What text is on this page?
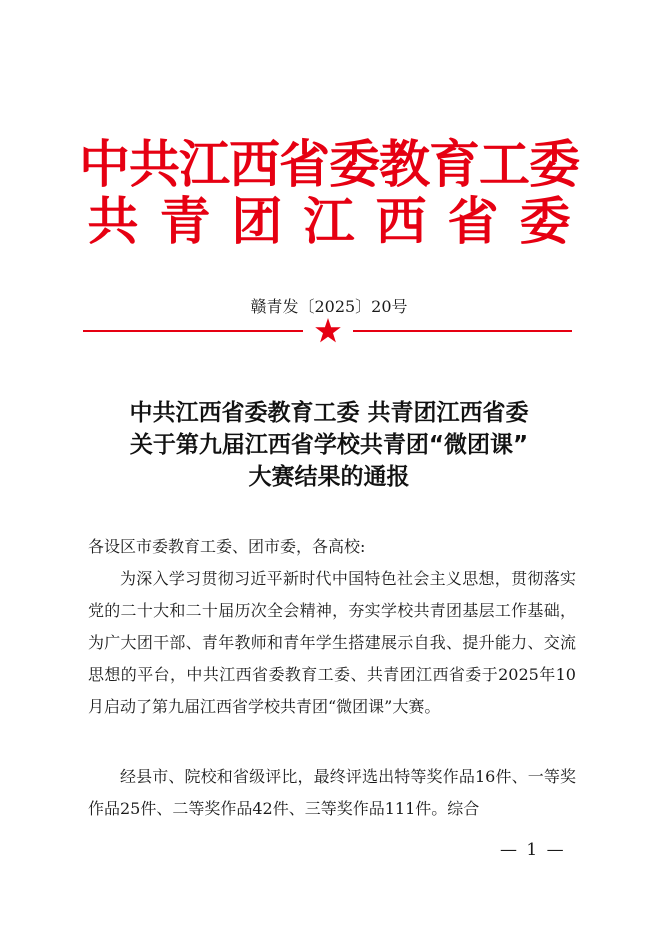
中共江西省委教育工委
共青团江西省委
赣青发〔2025〕20号
中共江西省委教育工委 共青团江西省委
关于第九届江西省学校共青团“微团课”
大赛结果的通报
各设区市委教育工委、团市委，各高校:
为深入学习贯彻习近平新时代中国特色社会主义思想，贯彻落实党的二十大和二十届历次全会精神，夯实学校共青团基层工作基础，为广大团干部、青年教师和青年学生搭建展示自我、提升能力、交流思想的平台，中共江西省委教育工委、共青团江西省委于2025年10月启动了第九届江西省学校共青团“微团课”大赛。
经县市、院校和省级评比，最终评选出特等奖作品16件、一等奖作品25件、二等奖作品42件、三等奖作品111件。综合
— 1 —
